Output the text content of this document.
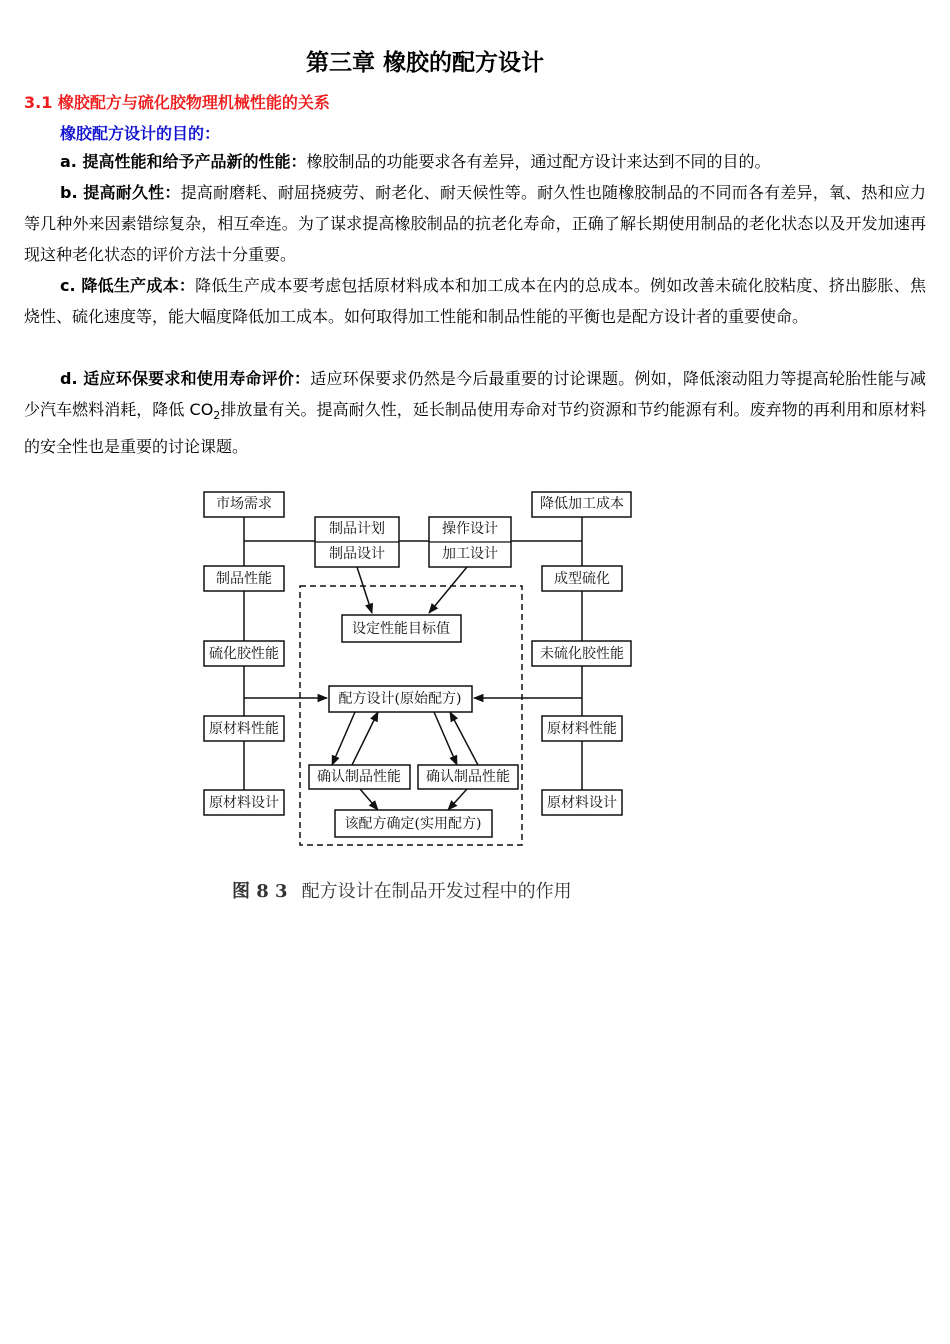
第三章 橡胶的配方设计
3.1 橡胶配方与硫化胶物理机械性能的关系
橡胶配方设计的目的：

a. 提高性能和给予产品新的性能：橡胶制品的功能要求各有差异，通过配方设计来达到不同的目的。

b. 提高耐久性：提高耐磨耗、耐屈挠疲劳、耐老化、耐天候性等。耐久性也随橡胶制品的不同而各有差异，氧、热和应力等几种外来因素错综复杂，相互牵连。为了谋求提高橡胶制品的抗老化寿命，正确了解长期使用制品的老化状态以及开发加速再现这种老化状态的评价方法十分重要。

c. 降低生产成本：降低生产成本要考虑包括原材料成本和加工成本在内的总成本。例如改善未硫化胶粘度、挤出膨胀、焦烧性、硫化速度等，能大幅度降低加工成本。如何取得加工性能和制品性能的平衡也是配方设计者的重要使命。

d. 适应环保要求和使用寿命评价：适应环保要求仍然是今后最重要的讨论课题。例如，降低滚动阻力等提高轮胎性能与减少汽车燃料消耗，降低 $CO_2$排放量有关。提高耐久性，延长制品使用寿命对节约资源和节约能源有利。废弃物的再利用和原材料的安全性也是重要的讨论课题。

市场需求
制品性能
硫化胶性能
原材料性能
原材料设计
降低加工成本
成型硫化
未硫化胶性能
原材料性能
原材料设计
制品计划
制品设计
操作设计
加工设计
设定性能目标值
配方设计(原始配方)
确认制品性能 确认制品性能
该配方确定(实用配方)
图 8 3 配方设计在制品开发过程中的作用
